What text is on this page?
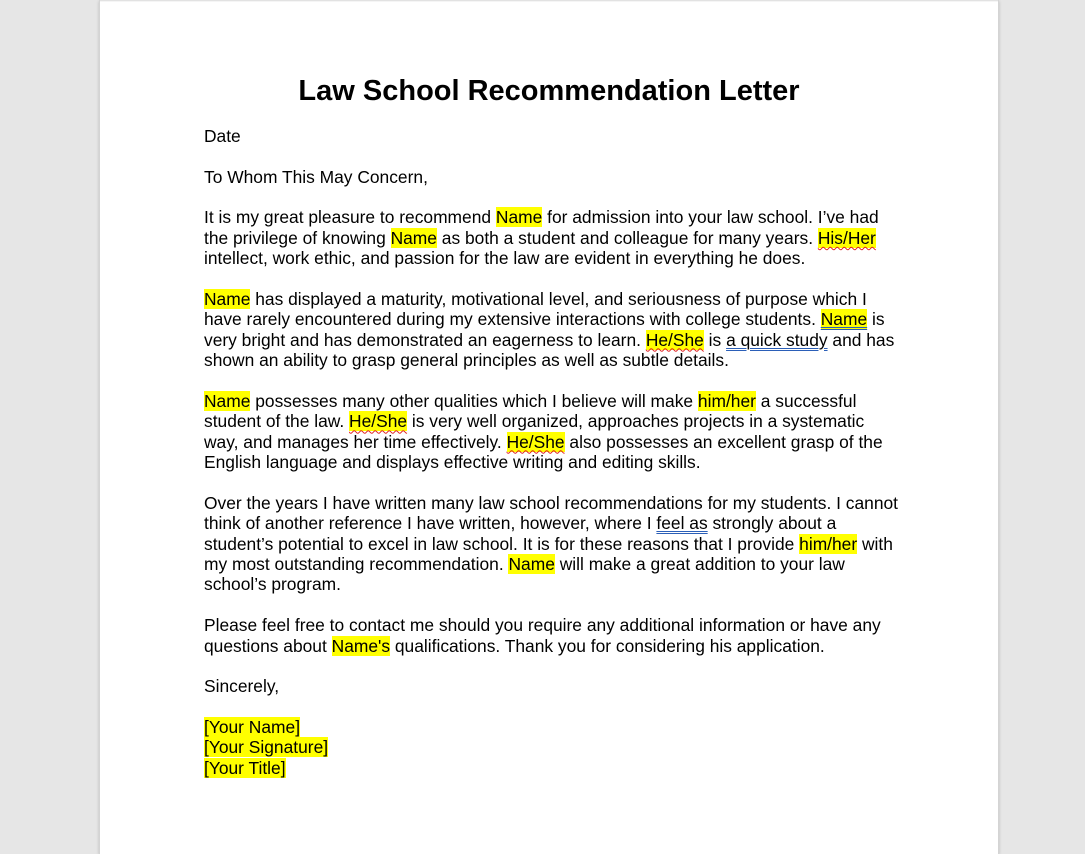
Law School Recommendation Letter

Date

To Whom This May Concern,

It is my great pleasure to recommend Name for admission into your law school. I’ve had the privilege of knowing Name as both a student and colleague for many years. His/Her intellect, work ethic, and passion for the law are evident in everything he does.

Name has displayed a maturity, motivational level, and seriousness of purpose which I have rarely encountered during my extensive interactions with college students. Name is very bright and has demonstrated an eagerness to learn. He/She is a quick study and has shown an ability to grasp general principles as well as subtle details.

Name possesses many other qualities which I believe will make him/her a successful student of the law. He/She is very well organized, approaches projects in a systematic way, and manages her time effectively. He/She also possesses an excellent grasp of the English language and displays effective writing and editing skills.

Over the years I have written many law school recommendations for my students. I cannot think of another reference I have written, however, where I feel as strongly about a student’s potential to excel in law school. It is for these reasons that I provide him/her with my most outstanding recommendation. Name will make a great addition to your law school’s program.

Please feel free to contact me should you require any additional information or have any questions about Name's qualifications. Thank you for considering his application.

Sincerely,

[Your Name]
[Your Signature]
[Your Title]
